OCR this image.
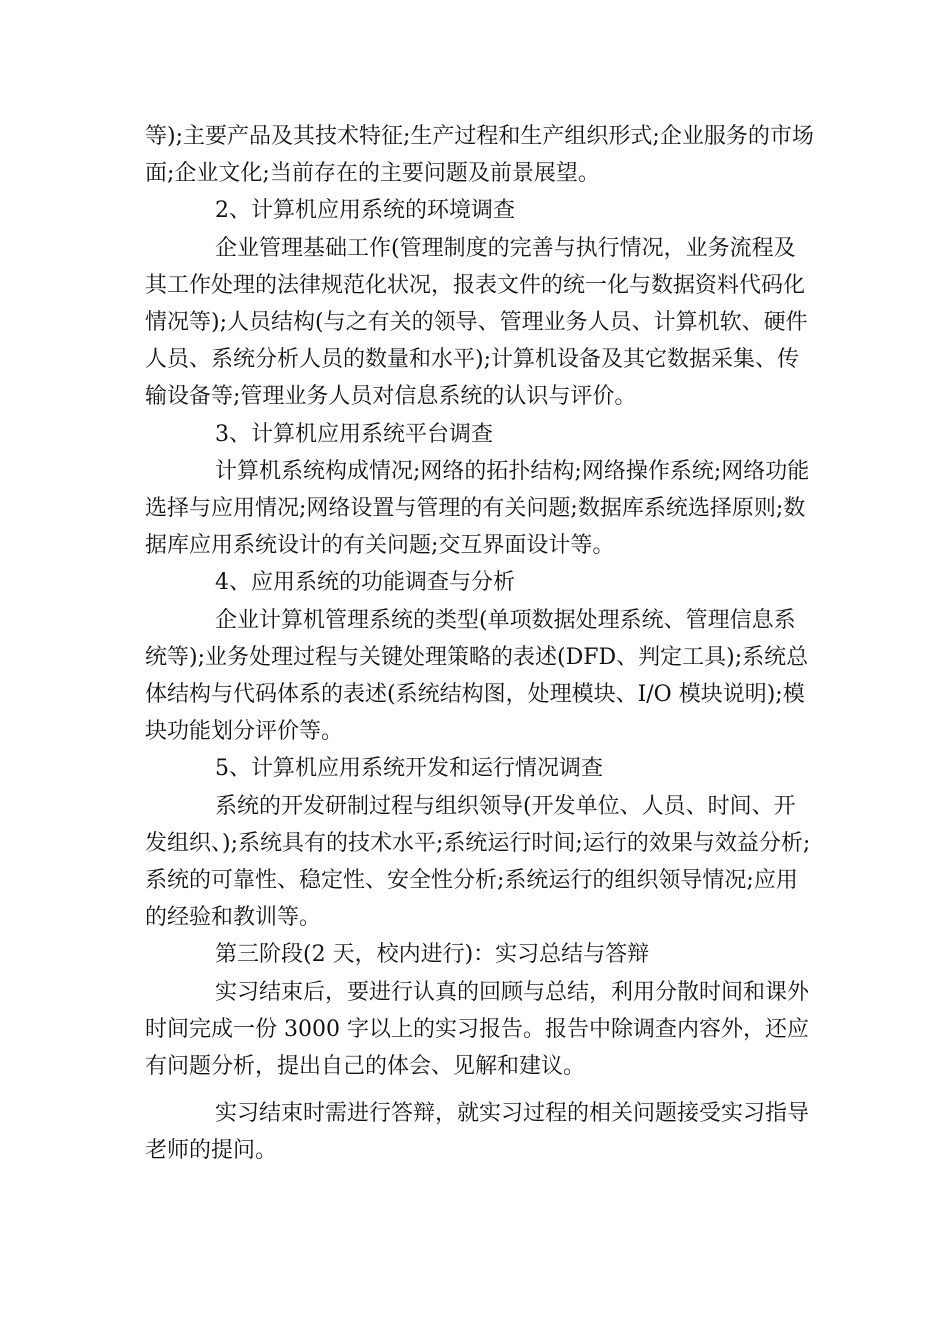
等);主要产品及其技术特征;生产过程和生产组织形式;企业服务的市场面;企业文化;当前存在的主要问题及前景展望。

2、计算机应用系统的环境调查

企业管理基础工作(管理制度的完善与执行情况，业务流程及其工作处理的法律规范化状况，报表文件的统一化与数据资料代码化情况等);人员结构(与之有关的领导、管理业务人员、计算机软、硬件人员、系统分析人员的数量和水平);计算机设备及其它数据采集、传输设备等;管理业务人员对信息系统的认识与评价。

3、计算机应用系统平台调查

计算机系统构成情况;网络的拓扑结构;网络操作系统;网络功能选择与应用情况;网络设置与管理的有关问题;数据库系统选择原则;数据库应用系统设计的有关问题;交互界面设计等。

4、应用系统的功能调查与分析

企业计算机管理系统的类型(单项数据处理系统、管理信息系统等);业务处理过程与关键处理策略的表述(DFD、判定工具);系统总体结构与代码体系的表述(系统结构图，处理模块、I/O 模块说明);模块功能划分评价等。

5、计算机应用系统开发和运行情况调查

系统的开发研制过程与组织领导(开发单位、人员、时间、开发组织、);系统具有的技术水平;系统运行时间;运行的效果与效益分析;系统的可靠性、稳定性、安全性分析;系统运行的组织领导情况;应用的经验和教训等。

第三阶段(2 天，校内进行)：实习总结与答辩

实习结束后，要进行认真的回顾与总结，利用分散时间和课外时间完成一份 3000 字以上的实习报告。报告中除调查内容外，还应有问题分析，提出自己的体会、见解和建议。

实习结束时需进行答辩，就实习过程的相关问题接受实习指导老师的提问。
